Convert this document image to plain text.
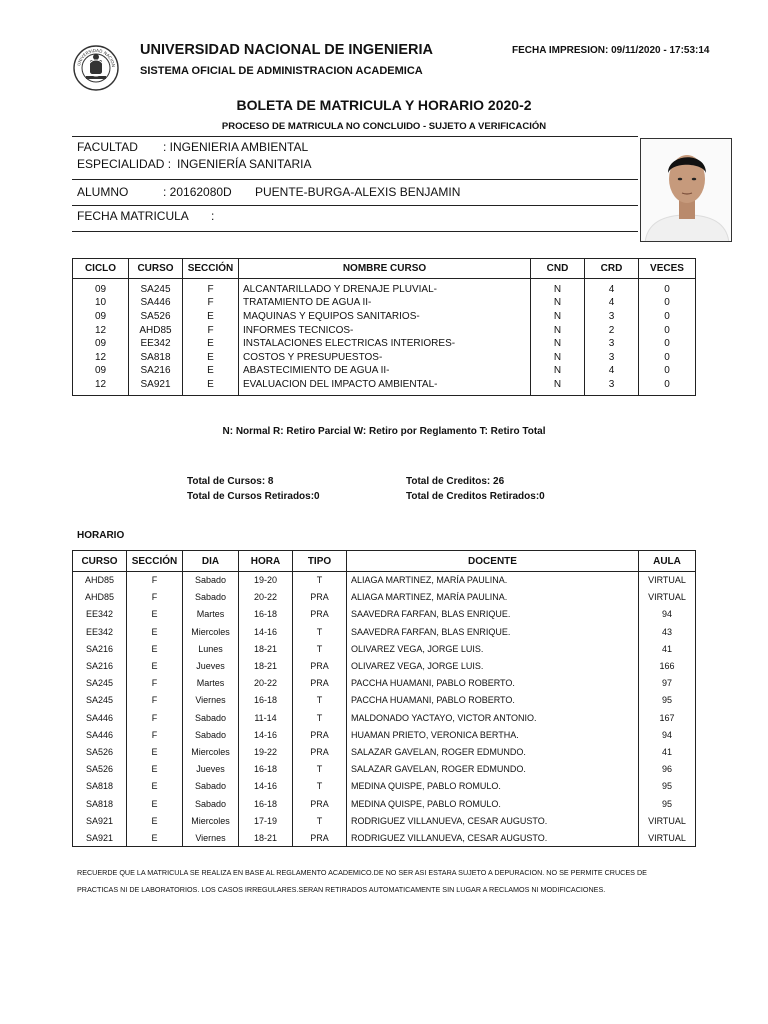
UNIVERSIDAD NACION
UNIVERSIDAD NACIONAL DE INGENIERIA
SISTEMA OFICIAL DE ADMINISTRACION ACADEMICA
FECHA IMPRESION: 09/11/2020 - 17:53:14
BOLETA DE MATRICULA Y HORARIO 2020-2
PROCESO DE MATRICULA NO CONCLUIDO - SUJETO A VERIFICACIÓN
FACULTAD : INGENIERIA AMBIENTAL
ESPECIALIDAD : INGENIERÍA SANITARIA
ALUMNO	: 20162080D PUENTE-BURGA-ALEXIS BENJAMIN
FECHA MATRICULA :
CICLO	CURSO	SECCIÓN	NOMBRE CURSO	CND	CRD	VECES
09	SA245	F	ALCANTARILLADO Y DRENAJE PLUVIAL-	N	4	0
10	SA446	F	TRATAMIENTO DE AGUA II-	N	4	0
09	SA526	E	MAQUINAS Y EQUIPOS SANITARIOS-	N	3	0
12	AHD85	F	INFORMES TECNICOS-	N	2	0
09	EE342	E	INSTALACIONES ELECTRICAS INTERIORES-	N	3	0
12	SA818	E	COSTOS Y PRESUPUESTOS-	N	3	0
09	SA216	E	ABASTECIMIENTO DE AGUA II-	N	4	0
12	SA921	E	EVALUACION DEL IMPACTO AMBIENTAL-	N	3	0
N: Normal R: Retiro Parcial W: Retiro por Reglamento T: Retiro Total
Total de Cursos: 8
Total de Cursos Retirados:0
Total de Creditos: 26
Total de Creditos Retirados:0
HORARIO
CURSO	SECCIÓN	DIA	HORA	TIPO	DOCENTE	AULA
AHD85	F	Sabado	19-20	T	ALIAGA MARTINEZ, MARÍA PAULINA.	VIRTUAL
AHD85	F	Sabado	20-22	PRA	ALIAGA MARTINEZ, MARÍA PAULINA.	VIRTUAL
EE342	E	Martes	16-18	PRA	SAAVEDRA FARFAN, BLAS ENRIQUE.	94
EE342	E	Miercoles	14-16	T	SAAVEDRA FARFAN, BLAS ENRIQUE.	43
SA216	E	Lunes	18-21	T	OLIVAREZ VEGA, JORGE LUIS.	41
SA216	E	Jueves	18-21	PRA	OLIVAREZ VEGA, JORGE LUIS.	166
SA245	F	Martes	20-22	PRA	PACCHA HUAMANI, PABLO ROBERTO.	97
SA245	F	Viernes	16-18	T	PACCHA HUAMANI, PABLO ROBERTO.	95
SA446	F	Sabado	11-14	T	MALDONADO YACTAYO, VICTOR ANTONIO.	167
SA446	F	Sabado	14-16	PRA	HUAMAN PRIETO, VERONICA BERTHA.	94
SA526	E	Miercoles	19-22	PRA	SALAZAR GAVELAN, ROGER EDMUNDO.	41
SA526	E	Jueves	16-18	T	SALAZAR GAVELAN, ROGER EDMUNDO.	96
SA818	E	Sabado	14-16	T	MEDINA QUISPE, PABLO ROMULO.	95
SA818	E	Sabado	16-18	PRA	MEDINA QUISPE, PABLO ROMULO.	95
SA921	E	Miercoles	17-19	T	RODRIGUEZ VILLANUEVA, CESAR AUGUSTO.	VIRTUAL
SA921	E	Viernes	18-21	PRA	RODRIGUEZ VILLANUEVA, CESAR AUGUSTO.	VIRTUAL
RECUERDE QUE LA MATRICULA SE REALIZA EN BASE AL REGLAMENTO ACADEMICO.DE NO SER ASI ESTARA SUJETO A DEPURACION. NO SE PERMITE CRUCES DE
PRACTICAS NI DE LABORATORIOS. LOS CASOS IRREGULARES.SERAN RETIRADOS AUTOMATICAMENTE SIN LUGAR A RECLAMOS NI MODIFICACIONES.
